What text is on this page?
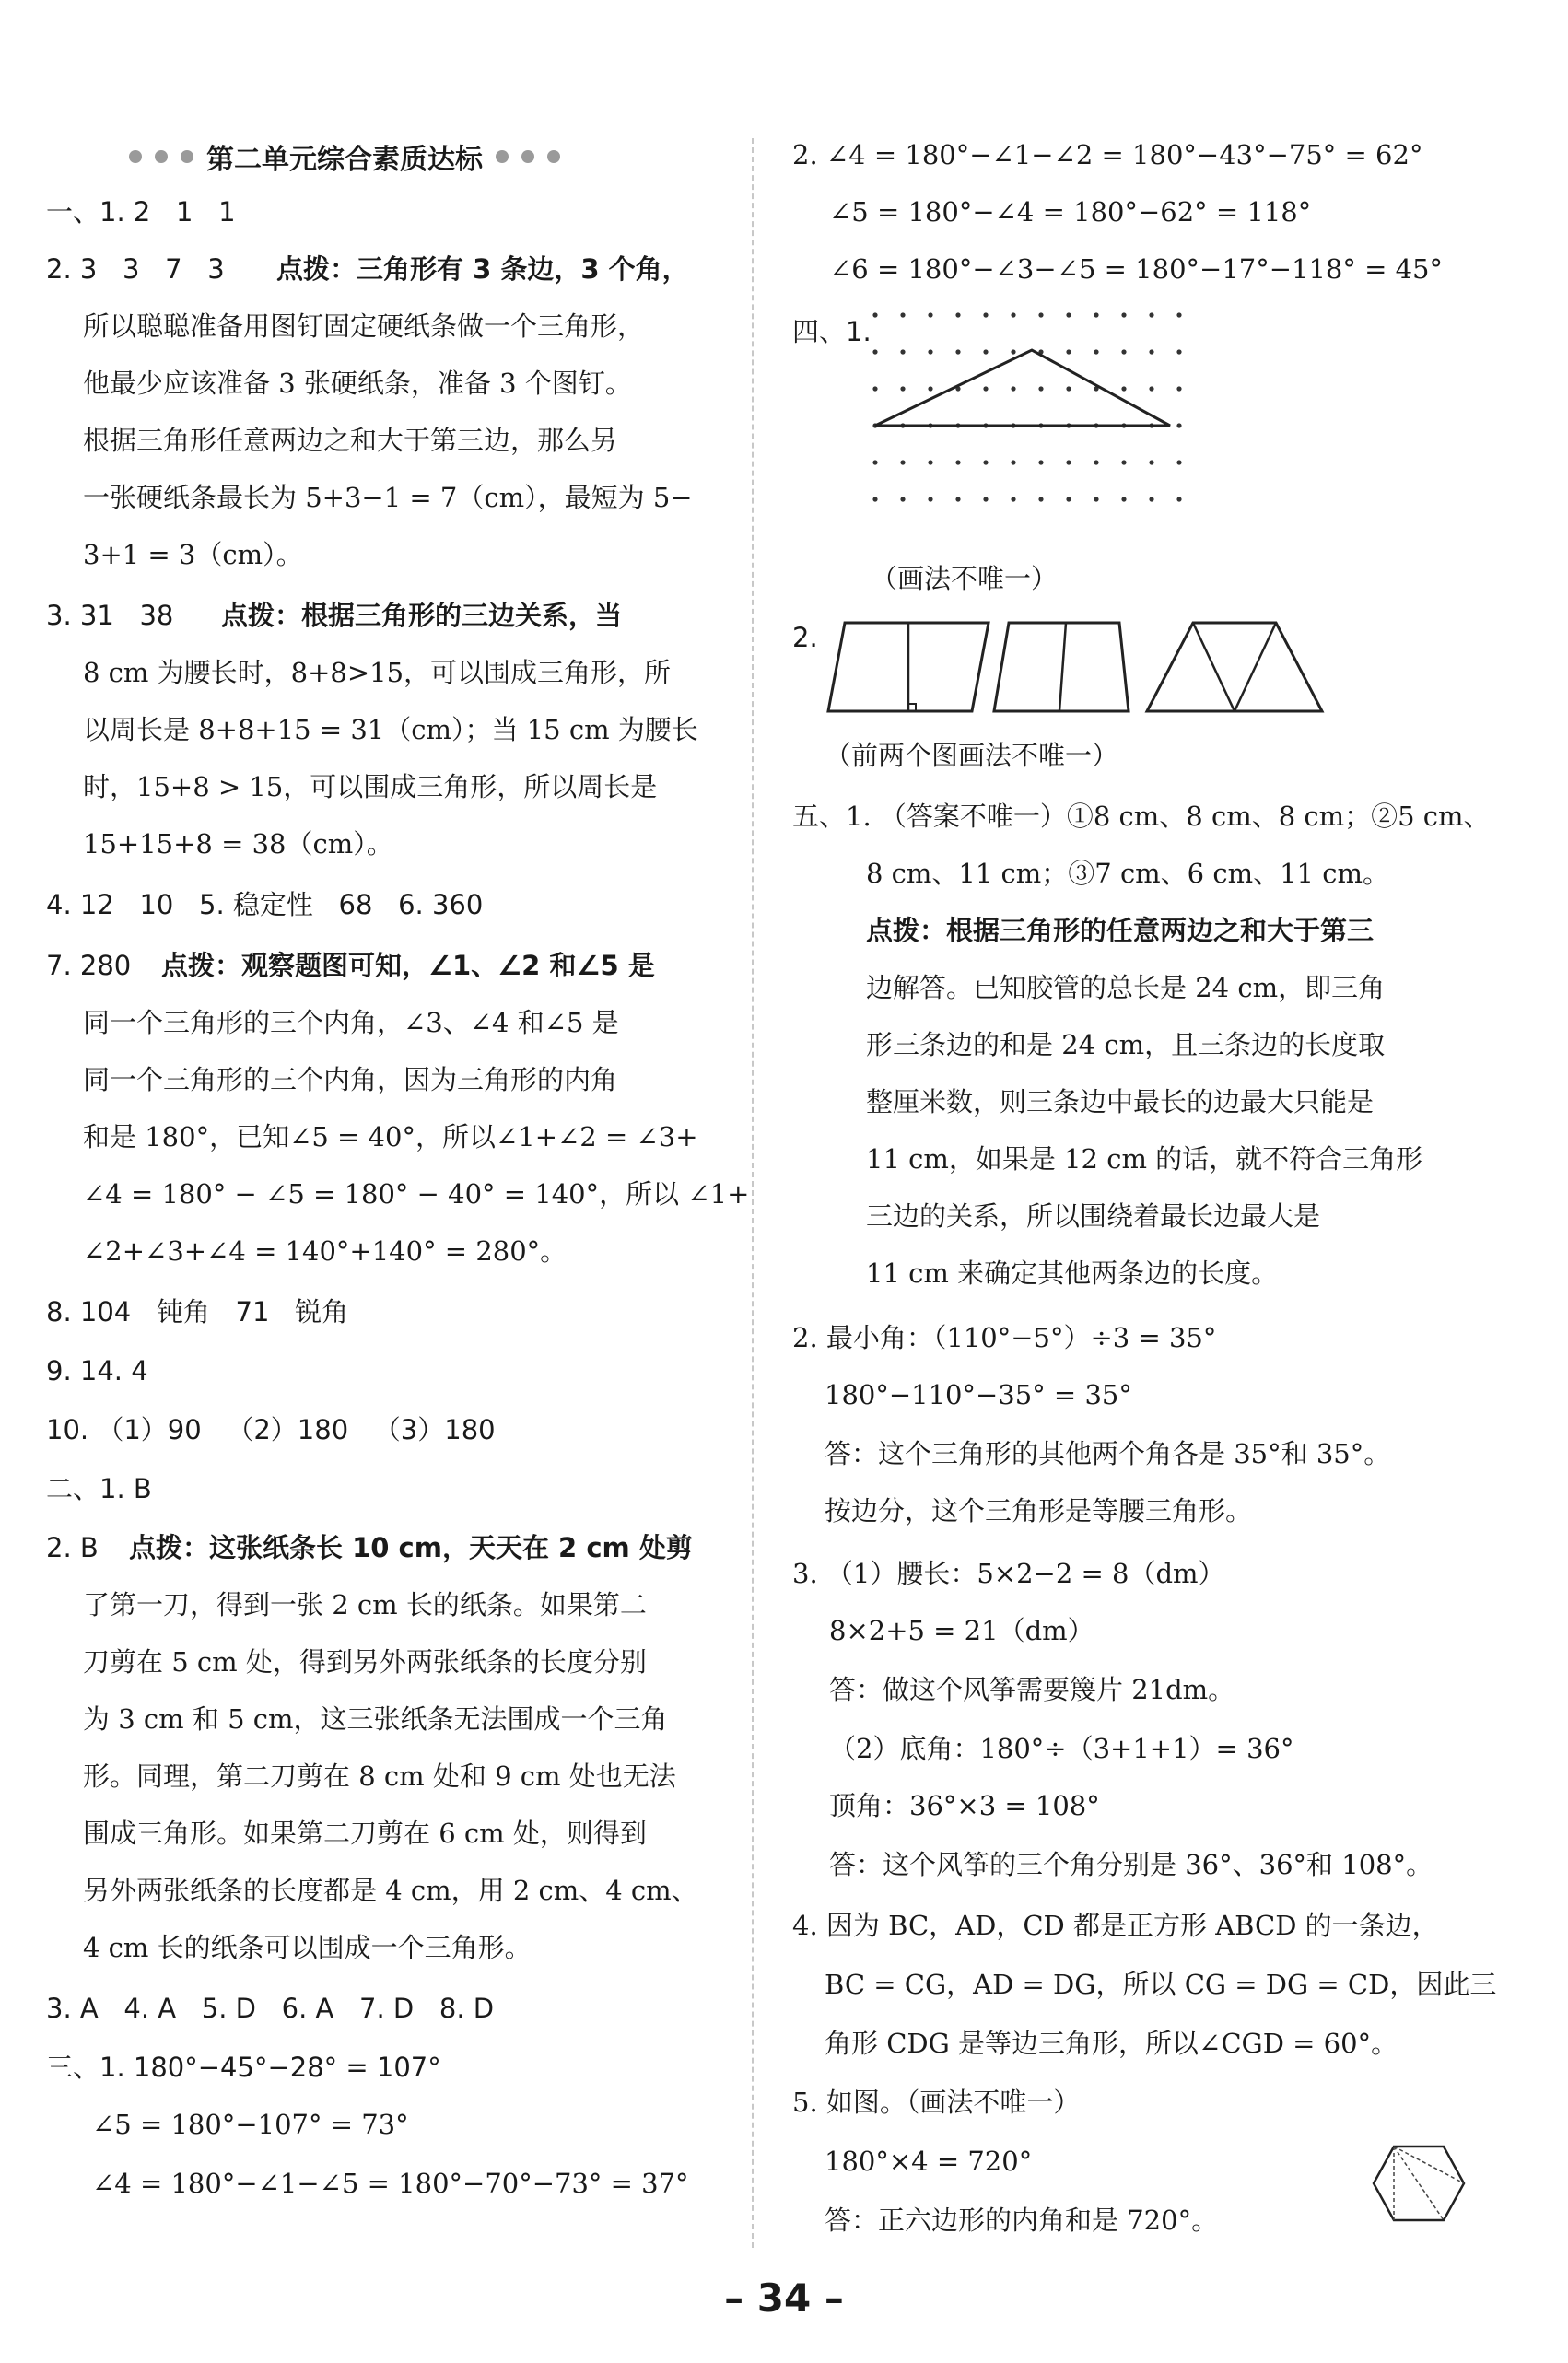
第二单元综合素质达标
一、1. 2   1   1
2. 3   3   7   3 点拨：三角形有 3 条边，3 个角，
所以聪聪准备用图钉固定硬纸条做一个三角形，
他最少应该准备 3 张硬纸条，准备 3 个图钉。
根据三角形任意两边之和大于第三边，那么另
一张硬纸条最长为 5+3−1 = 7（cm），最短为 5−
3+1 = 3（cm）。
3. 31   38 点拨：根据三角形的三边关系，当
8 cm 为腰长时，8+8>15，可以围成三角形，所
以周长是 8+8+15 = 31（cm）；当 15 cm 为腰长
时，15+8 > 15，可以围成三角形，所以周长是
15+15+8 = 38（cm）。
4. 12   10   5. 稳定性   68   6. 360
7. 280 点拨：观察题图可知，∠1、∠2 和∠5 是
同一个三角形的三个内角，∠3、∠4 和∠5 是
同一个三角形的三个内角，因为三角形的内角
和是 180°，已知∠5 = 40°，所以∠1+∠2 = ∠3+
∠4 = 180° − ∠5 = 180° − 40° = 140°，所以 ∠1+
∠2+∠3+∠4 = 140°+140° = 280°。
8. 104   钝角   71   锐角
9. 14. 4
10. （1）90   （2）180   （3）180
二、1. B
2. B 点拨：这张纸条长 10 cm，天天在 2 cm 处剪
了第一刀，得到一张 2 cm 长的纸条。如果第二
刀剪在 5 cm 处，得到另外两张纸条的长度分别
为 3 cm 和 5 cm，这三张纸条无法围成一个三角
形。同理，第二刀剪在 8 cm 处和 9 cm 处也无法
围成三角形。如果第二刀剪在 6 cm 处，则得到
另外两张纸条的长度都是 4 cm，用 2 cm、4 cm、
4 cm 长的纸条可以围成一个三角形。
3. A   4. A   5. D   6. A   7. D   8. D
三、1. 180°−45°−28° = 107°
∠5 = 180°−107° = 73°
∠4 = 180°−∠1−∠5 = 180°−70°−73° = 37°
2. ∠4 = 180°−∠1−∠2 = 180°−43°−75° = 62°
∠5 = 180°−∠4 = 180°−62° = 118°
∠6 = 180°−∠3−∠5 = 180°−17°−118° = 45°
四、1.
（画法不唯一）
2.
（前两个图画法不唯一）
五、1. （答案不唯一）①8 cm、8 cm、8 cm；②5 cm、
8 cm、11 cm；③7 cm、6 cm、11 cm。
点拨：根据三角形的任意两边之和大于第三
边解答。已知胶管的总长是 24 cm，即三角
形三条边的和是 24 cm，且三条边的长度取
整厘米数，则三条边中最长的边最大只能是
11 cm，如果是 12 cm 的话，就不符合三角形
三边的关系，所以围绕着最长边最大是
11 cm 来确定其他两条边的长度。
2. 最小角：（110°−5°）÷3 = 35°
180°−110°−35° = 35°
答：这个三角形的其他两个角各是 35°和 35°。
按边分，这个三角形是等腰三角形。
3. （1）腰长：5×2−2 = 8（dm）
8×2+5 = 21（dm）
答：做这个风筝需要篾片 21dm。
（2）底角：180°÷（3+1+1）= 36°
顶角：36°×3 = 108°
答：这个风筝的三个角分别是 36°、36°和 108°。
4. 因为 BC，AD，CD 都是正方形 ABCD 的一条边，
BC = CG，AD = DG，所以 CG = DG = CD，因此三
角形 CDG 是等边三角形，所以∠CGD = 60°。
5. 如图。（画法不唯一）
180°×4 = 720°
答：正六边形的内角和是 720°。
– 34 –
